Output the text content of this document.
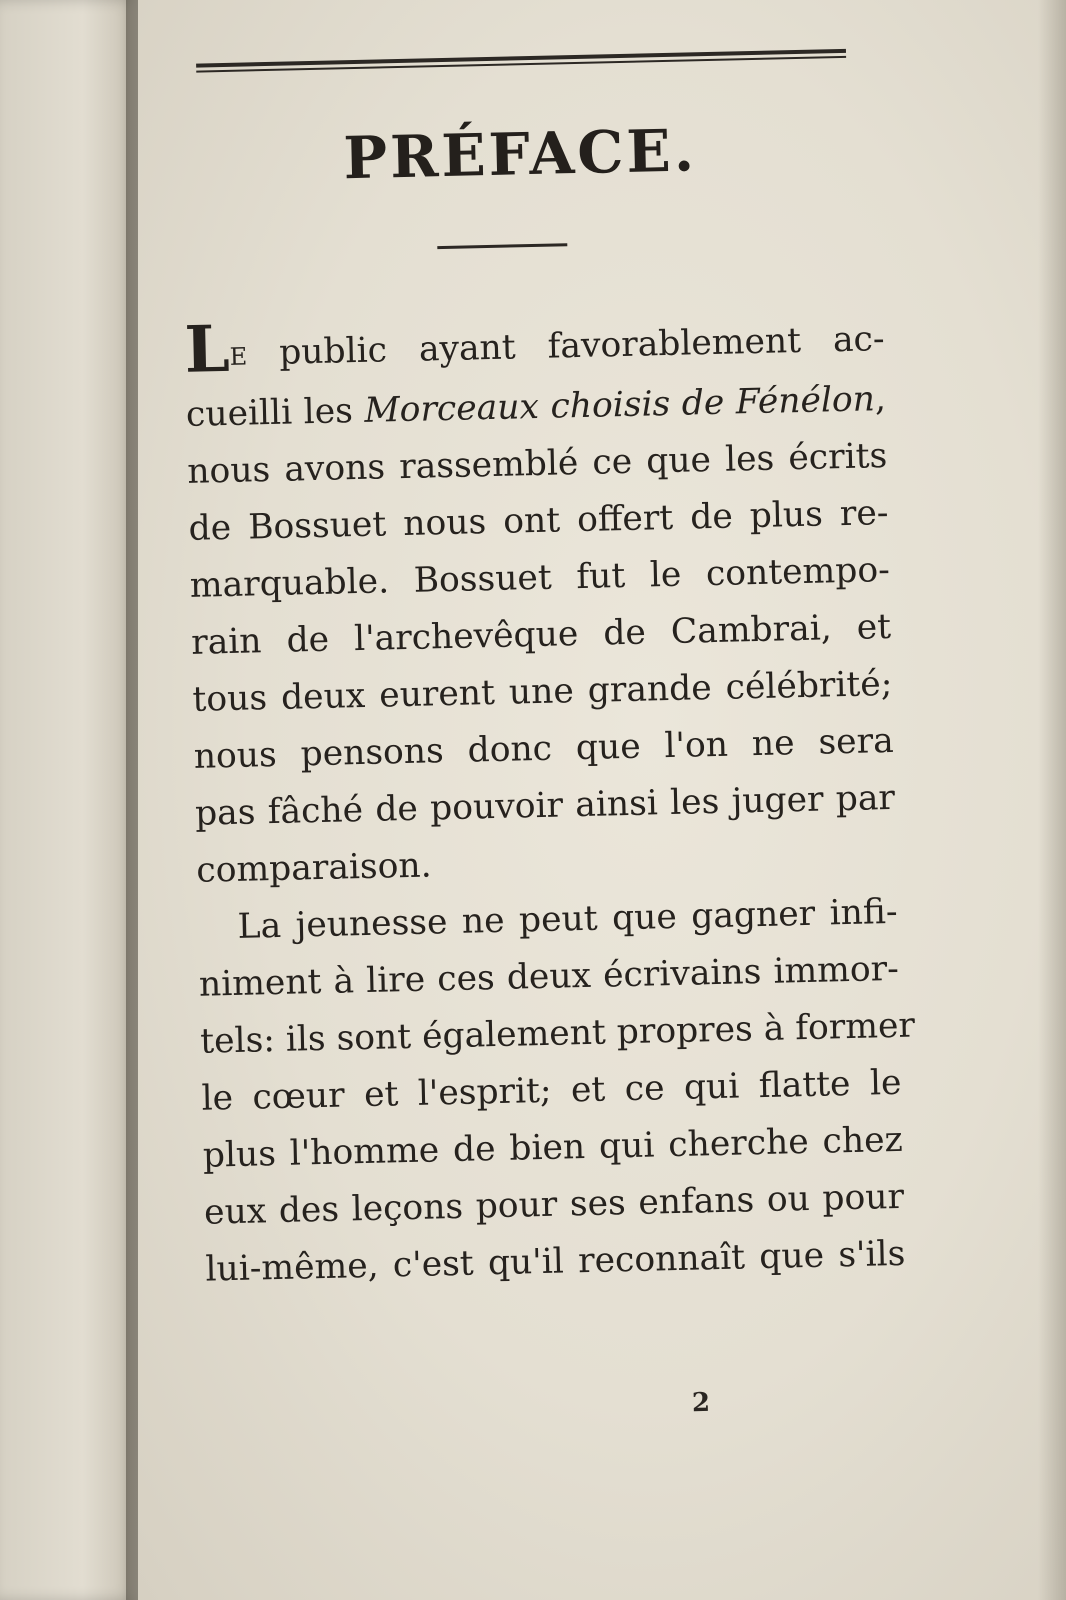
PRÉFACE.
LE public ayant favorablement ac-
cueilli les Morceaux choisis de Fénélon,
nous avons rassemblé ce que les écrits
de Bossuet nous ont offert de plus re-
marquable. Bossuet fut le contempo-
rain de l'archevêque de Cambrai, et
tous deux eurent une grande célébrité;
nous pensons donc que l'on ne sera
pas fâché de pouvoir ainsi les juger par
comparaison.
La jeunesse ne peut que gagner infi-
niment à lire ces deux écrivains immor-
tels: ils sont également propres à former
le cœur et l'esprit; et ce qui flatte le
plus l'homme de bien qui cherche chez
eux des leçons pour ses enfans ou pour
lui-même, c'est qu'il reconnaît que s'ils
2
